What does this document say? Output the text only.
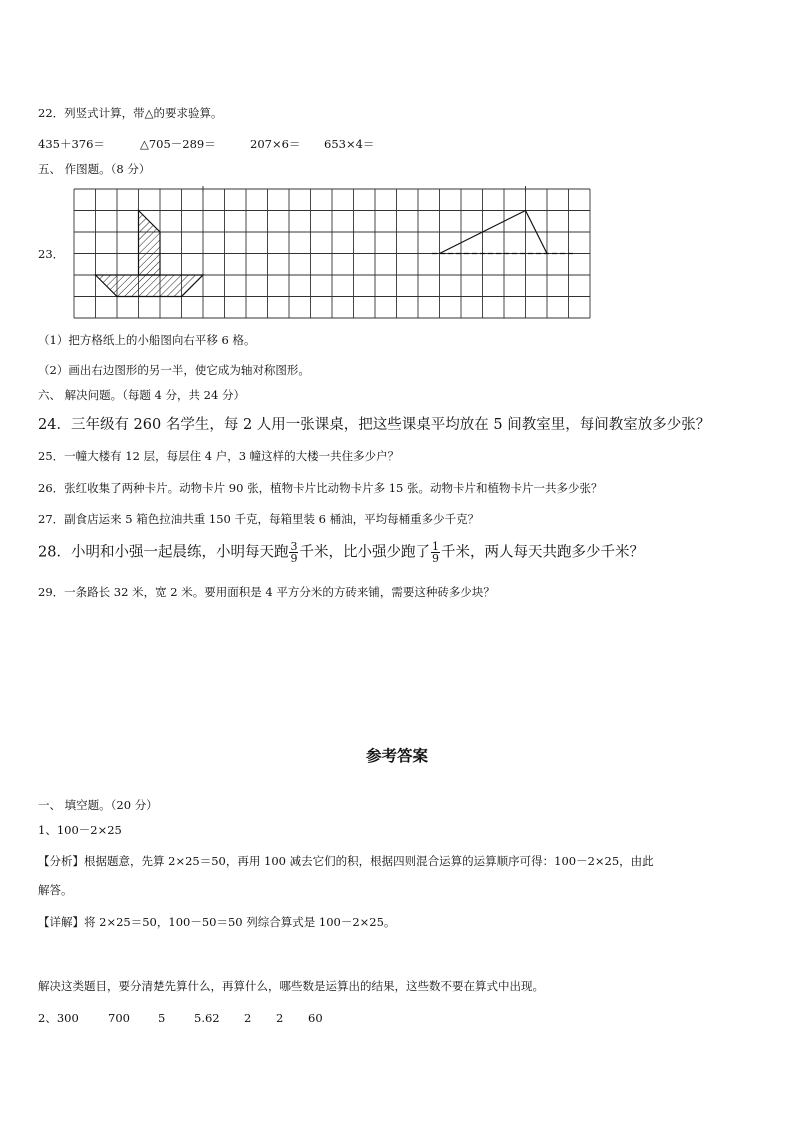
22．列竖式计算，带△的要求验算。
435＋376＝	△705－289＝	207×6＝ 653×4＝
五、 作图题。（8 分）
23．
（1）把方格纸上的小船图向右平移 6 格。
（2）画出右边图形的另一半，使它成为轴对称图形。
六、 解决问题。（每题 4 分，共 24 分）
24．三年级有 260 名学生，每 2 人用一张课桌，把这些课桌平均放在 5 间教室里，每间教室放多少张？
25．一幢大楼有 12 层，每层住 4 户，3 幢这样的大楼一共住多少户？
26．张红收集了两种卡片。动物卡片 90 张，植物卡片比动物卡片多 15 张。动物卡片和植物卡片一共多少张？
27．副食店运来 5 箱色拉油共重 150 千克，每箱里装 6 桶油，平均每桶重多少千克？
28．小明和小强一起晨练，小明每天跑 $\frac{3}{9}$ 千米，比小强少跑了 $\frac{1}{9}$ 千米，两人每天共跑多少千米？
29．一条路长 32 米，宽 2 米。要用面积是 4 平方分米的方砖来铺，需要这种砖多少块？
参考答案
一、 填空题。（20 分）
1、100－2×25
【分析】根据题意，先算 2×25＝50，再用 100 减去它们的积，根据四则混合运算的运算顺序可得：100－2×25，由此
解答。
【详解】将 2×25＝50，100－50＝50 列综合算式是 100－2×25。
解决这类题目，要分清楚先算什么，再算什么，哪些数是运算出的结果，这些数不要在算式中出现。
2、300	700 5 5.62 2 2 60
